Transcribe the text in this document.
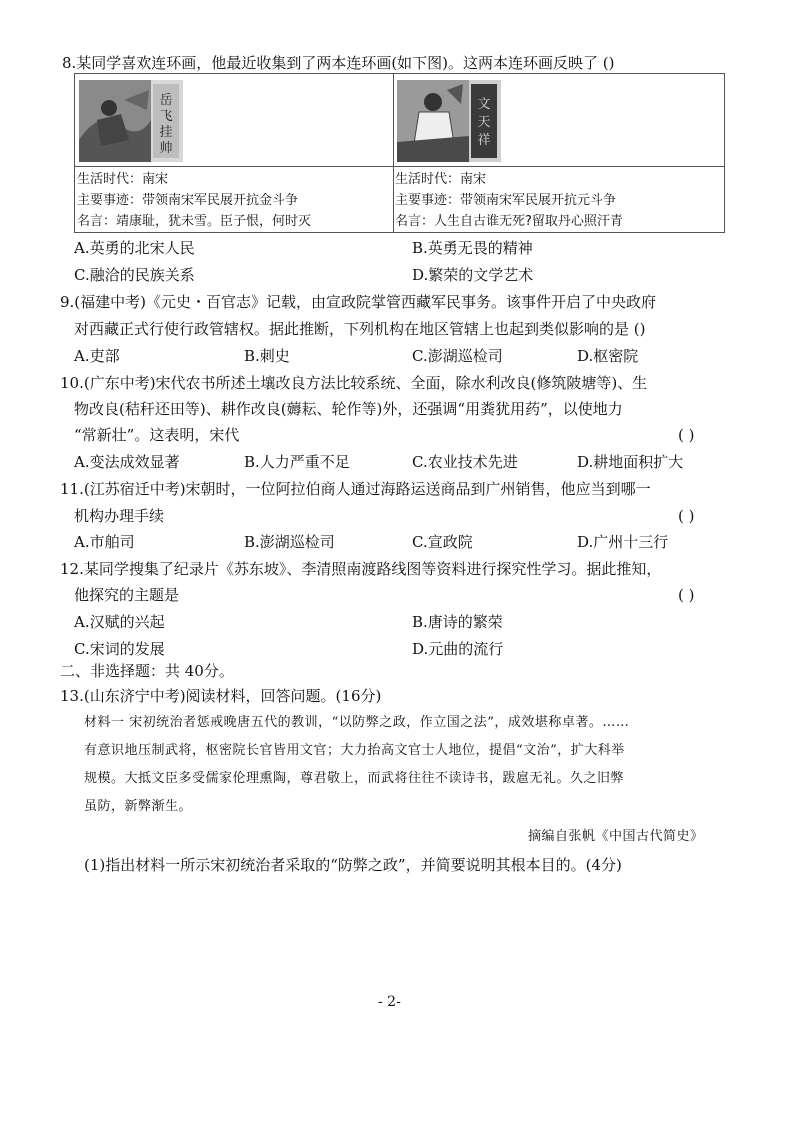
8.某同学喜欢连环画，他最近收集到了两本连环画(如下图)。这两本连环画反映了 ()
岳
飞
挂
帅
文
天
祥
生活时代：南宋
主要事迹：带领南宋军民展开抗金斗争
名言：靖康耻，犹未雪。臣子恨，何时灭
生活时代：南宋
主要事迹：带领南宋军民展开抗元斗争
名言：人生自古谁无死?留取丹心照汗青
A.英勇的北宋人民	B.英勇无畏的精神
C.融洽的民族关系	D.繁荣的文学艺术
9.(福建中考)《元史・百官志》记载，由宣政院掌管西藏军民事务。该事件开启了中央政府
对西藏正式行使行政管辖权。据此推断，下列机构在地区管辖上也起到类似影响的是 ()
A.吏部	B.刺史	C.澎湖巡检司	D.枢密院
10.(广东中考)宋代农书所述土壤改良方法比较系统、全面，除水利改良(修筑陂塘等)、生
物改良(秸秆还田等)、耕作改良(薅耘、轮作等)外，还强调“用粪犹用药”，以使地力
“常新壮”。这表明，宋代	( )
A.变法成效显著	B.人力严重不足	C.农业技术先进	D.耕地面积扩大
11.(江苏宿迁中考)宋朝时，一位阿拉伯商人通过海路运送商品到广州销售，他应当到哪一
机构办理手续	( )
A.市舶司	B.澎湖巡检司	C.宣政院	D.广州十三行
12.某同学搜集了纪录片《苏东坡》、李清照南渡路线图等资料进行探究性学习。据此推知，
他探究的主题是	( )
A.汉赋的兴起	B.唐诗的繁荣
C.宋词的发展	D.元曲的流行
二、非选择题：共 40分。
13.(山东济宁中考)阅读材料，回答问题。(16分)
材料一 宋初统治者惩戒晚唐五代的教训，“以防弊之政，作立国之法”，成效堪称卓著。……
有意识地压制武将，枢密院长官皆用文官；大力抬高文官士人地位，提倡“文治”，扩大科举
规模。大抵文臣多受儒家伦理熏陶，尊君敬上，而武将往往不读诗书，跋扈无礼。久之旧弊
虽防，新弊渐生。
摘编自张帆《中国古代简史》
(1)指出材料一所示宋初统治者采取的“防弊之政”，并简要说明其根本目的。(4分)
- 2-
